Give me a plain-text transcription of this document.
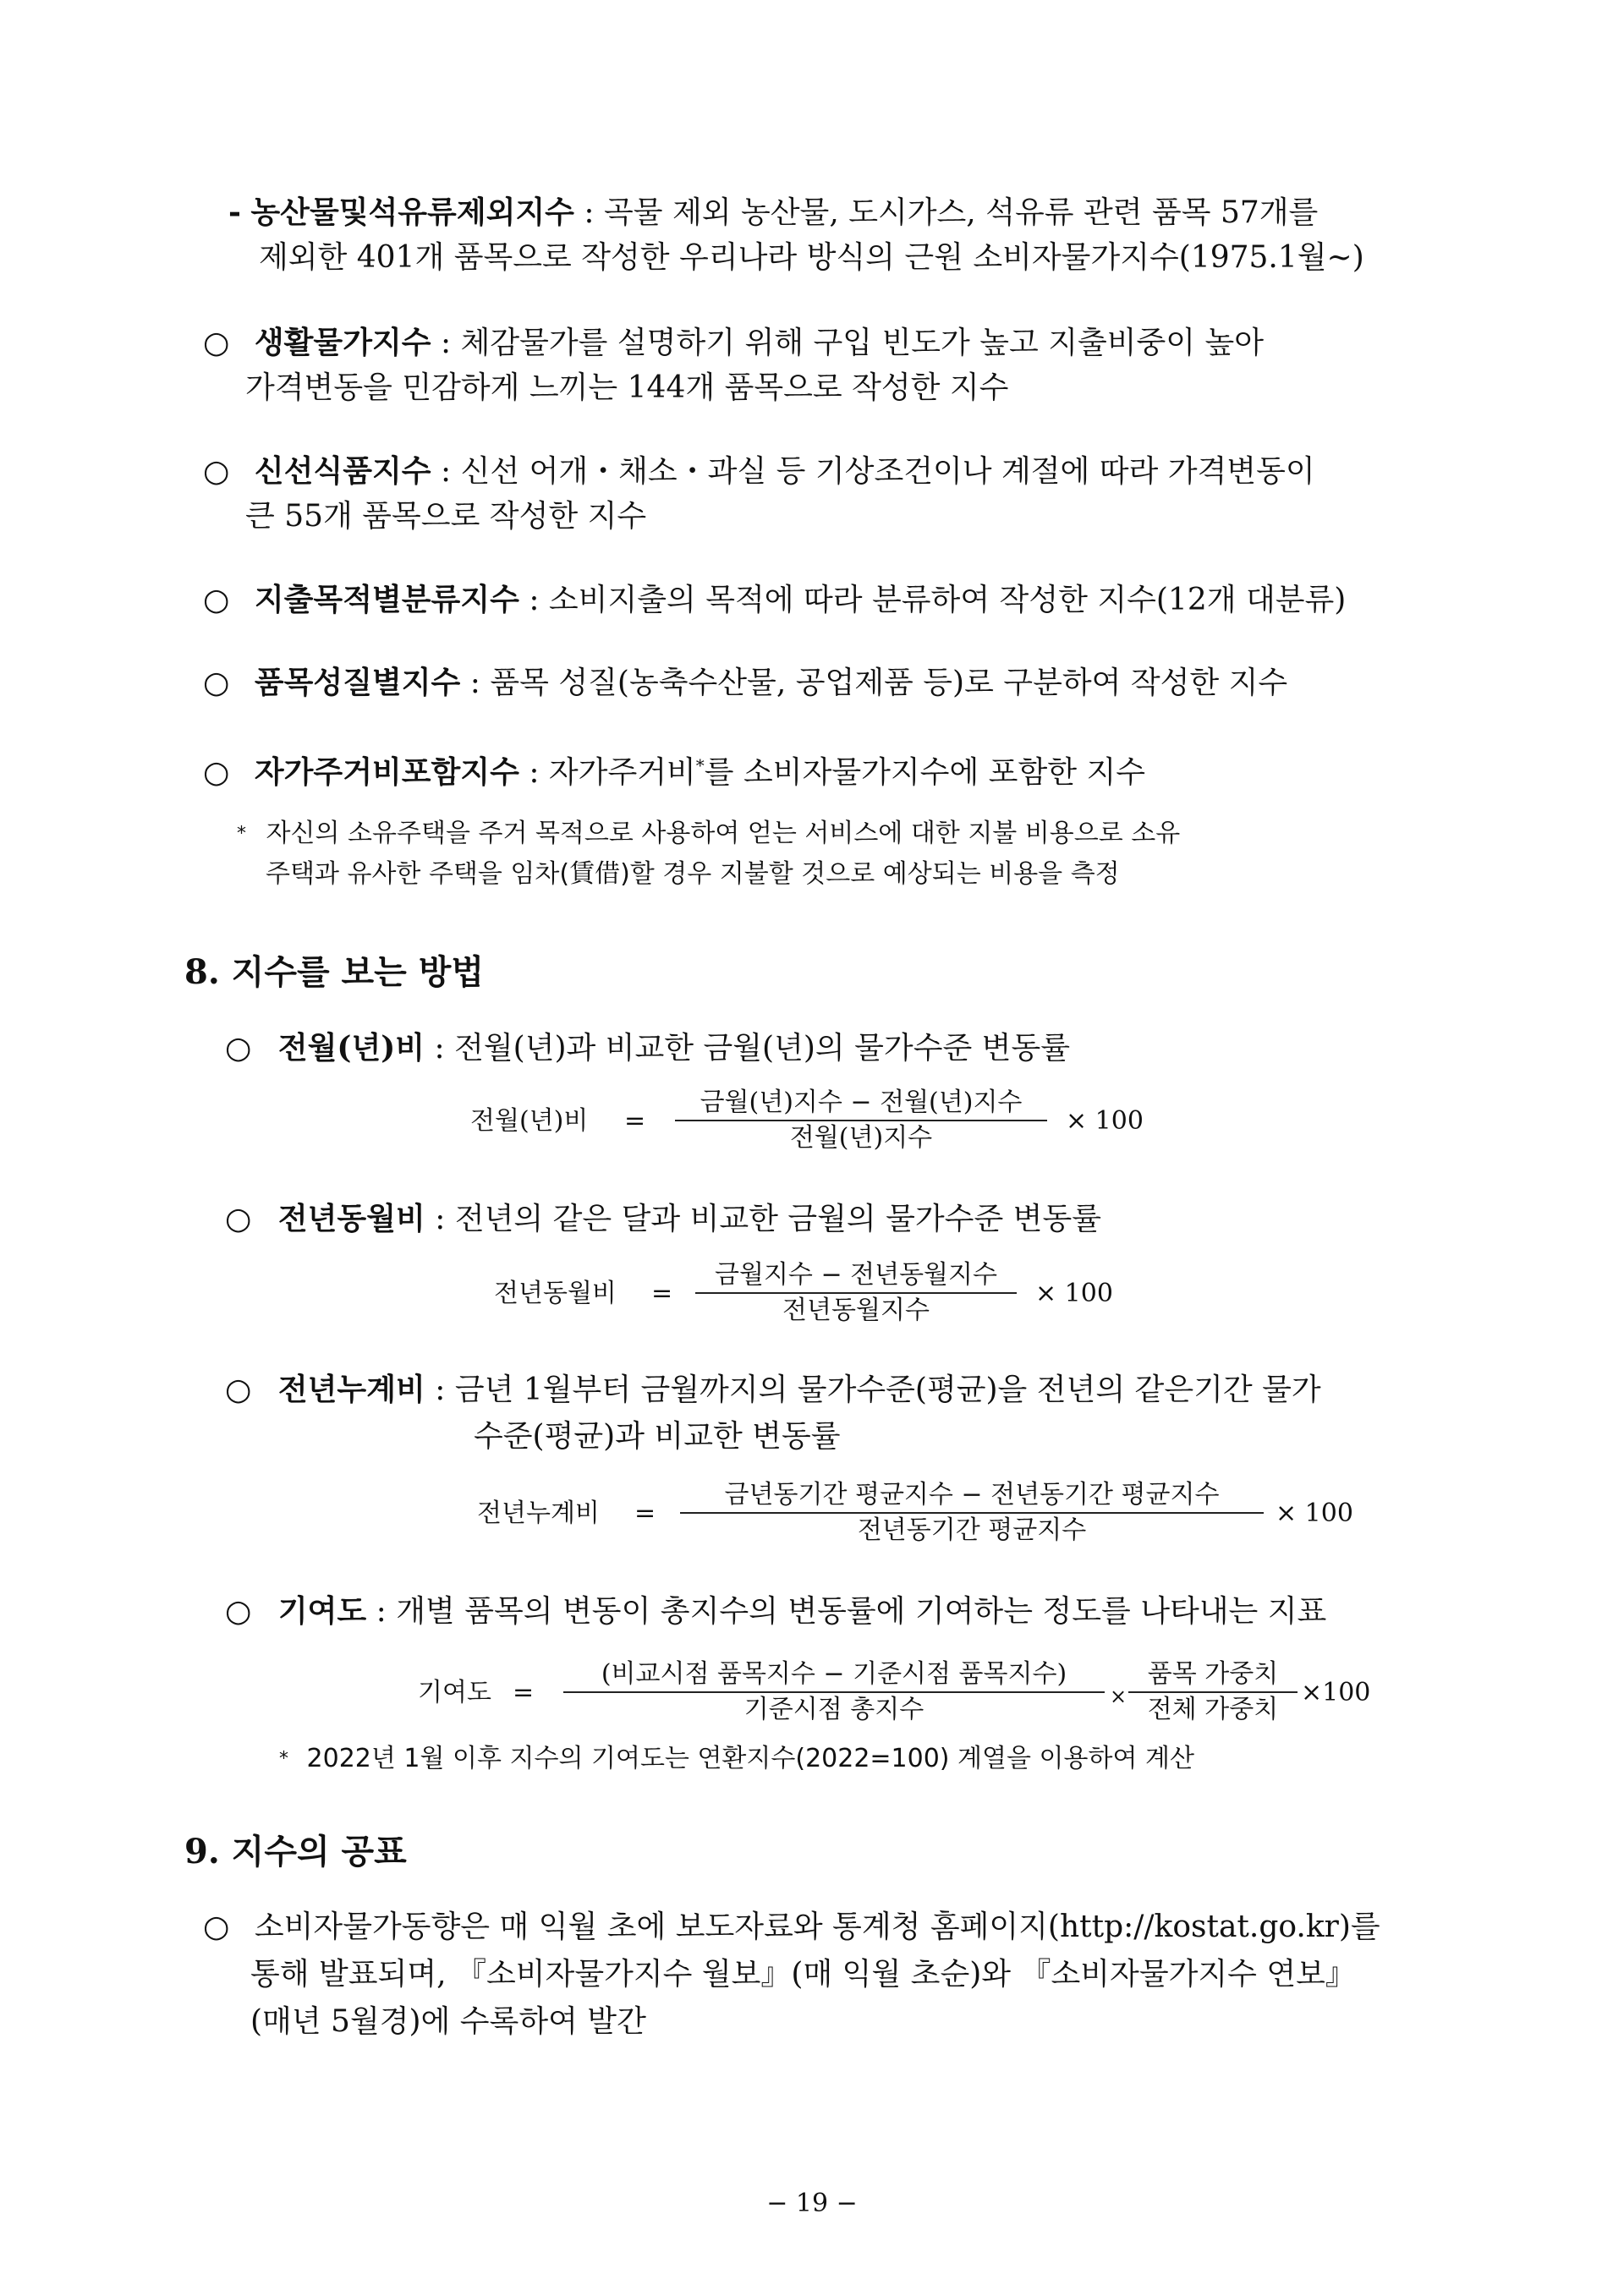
- 농산물및석유류제외지수 : 곡물 제외 농산물, 도시가스, 석유류 관련 품목 57개를
제외한 401개 품목으로 작성한 우리나라 방식의 근원 소비자물가지수(1975.1월~)
○ 생활물가지수 : 체감물가를 설명하기 위해 구입 빈도가 높고 지출비중이 높아
가격변동을 민감하게 느끼는 144개 품목으로 작성한 지수
○ 신선식품지수 : 신선 어개・채소・과실 등 기상조건이나 계절에 따라 가격변동이
큰 55개 품목으로 작성한 지수
○ 지출목적별분류지수 : 소비지출의 목적에 따라 분류하여 작성한 지수(12개 대분류)
○ 품목성질별지수 : 품목 성질(농축수산물, 공업제품 등)로 구분하여 작성한 지수
○ 자가주거비포함지수 : 자가주거비*를 소비자물가지수에 포함한 지수
* 자신의 소유주택을 주거 목적으로 사용하여 얻는 서비스에 대한 지불 비용으로 소유
주택과 유사한 주택을 임차(賃借)할 경우 지불할 것으로 예상되는 비용을 측정
8. 지수를 보는 방법
○ 전월(년)비 : 전월(년)과 비교한 금월(년)의 물가수준 변동률
전월(년)비 =
금월(년)지수 − 전월(년)지수
전월(년)지수
× 100
○ 전년동월비 : 전년의 같은 달과 비교한 금월의 물가수준 변동률
전년동월비 =
금월지수 − 전년동월지수
전년동월지수
× 100
○ 전년누계비 : 금년 1월부터 금월까지의 물가수준(평균)을 전년의 같은기간 물가
수준(평균)과 비교한 변동률
전년누계비 =
금년동기간 평균지수 − 전년동기간 평균지수
전년동기간 평균지수
× 100
○ 기여도 : 개별 품목의 변동이 총지수의 변동률에 기여하는 정도를 나타내는 지표
기여도 =
(비교시점 품목지수 − 기준시점 품목지수)
기준시점 총지수	×
품목 가중치
전체 가중치
×100
* 2022년 1월 이후 지수의 기여도는 연환지수(2022=100) 계열을 이용하여 계산
9. 지수의 공표
○ 소비자물가동향은 매 익월 초에 보도자료와 통계청 홈페이지(http://kostat.go.kr)를
통해 발표되며, 『소비자물가지수 월보』(매 익월 초순)와 『소비자물가지수 연보』
(매년 5월경)에 수록하여 발간
− 19 −
